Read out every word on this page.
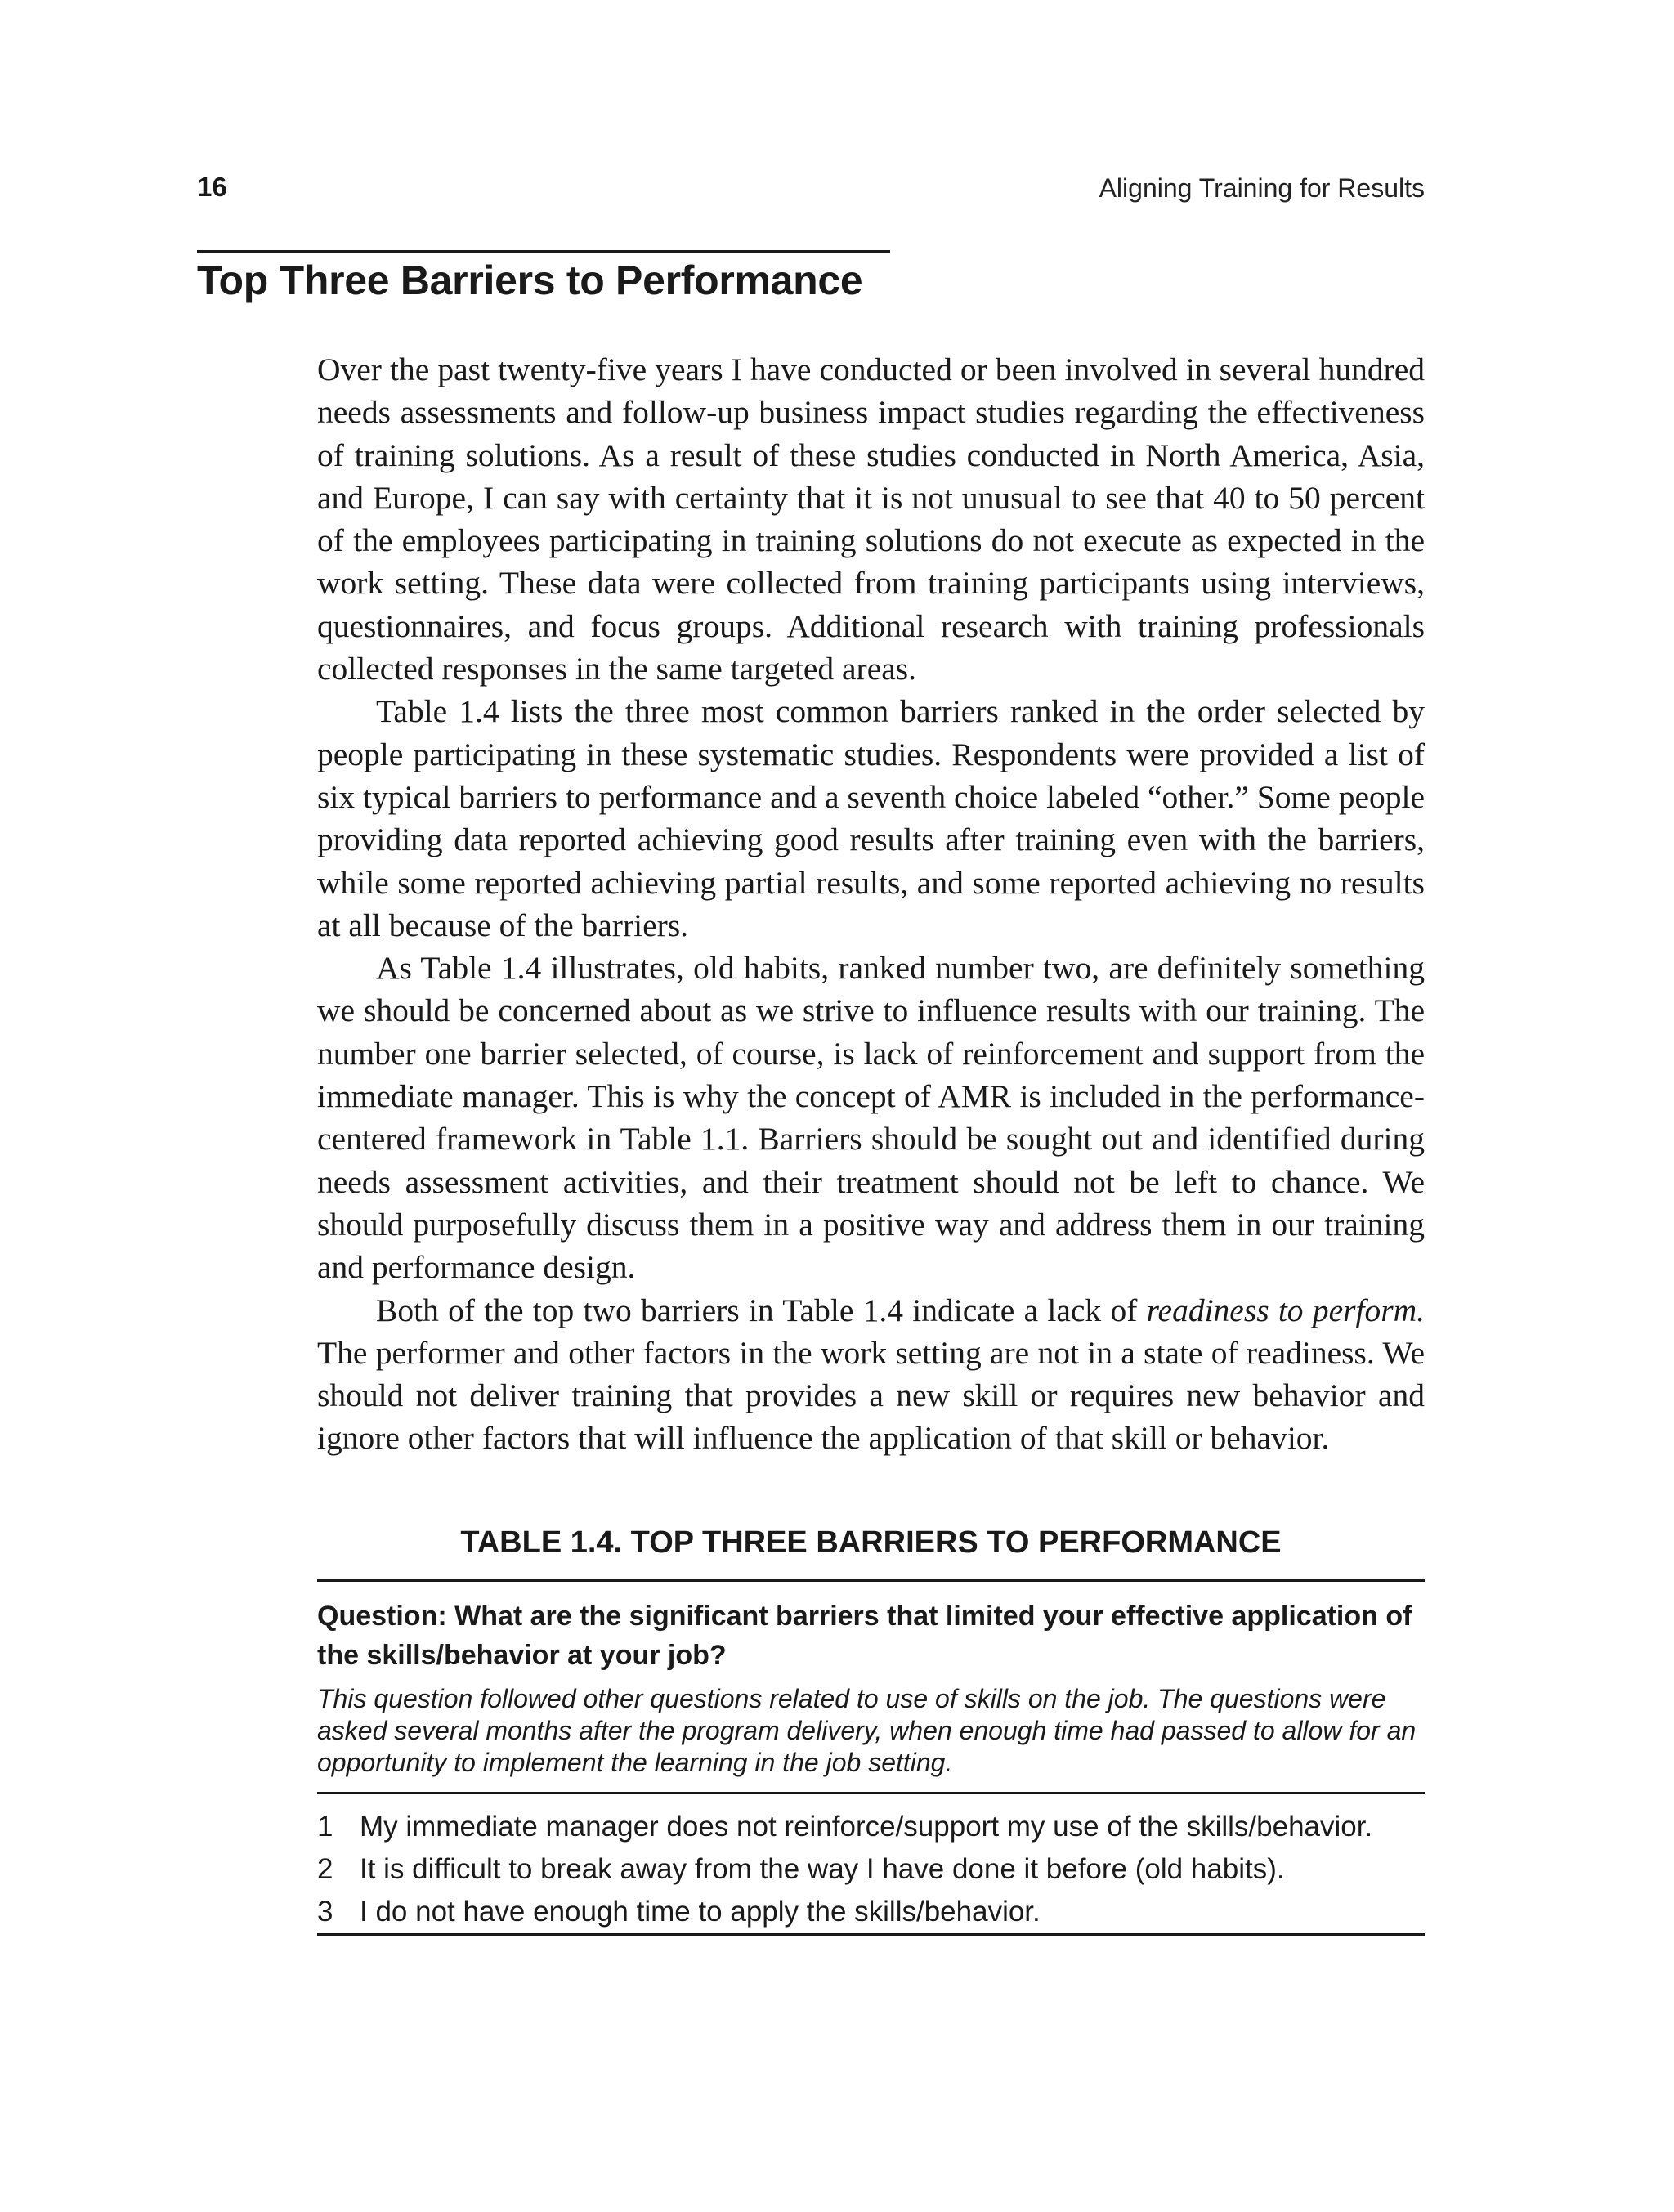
16	Aligning Training for Results
Top Three Barriers to Performance

Over the past twenty-five years I have conducted or been involved in several hundred needs assessments and follow-up business impact studies regarding the effectiveness of training solutions. As a result of these studies conducted in North America, Asia, and Europe, I can say with certainty that it is not unusual to see that 40 to 50 percent of the employees participating in training solutions do not execute as expected in the work setting. These data were collected from training participants using interviews, questionnaires, and focus groups. Additional research with training professionals collected responses in the same targeted areas.

Table 1.4 lists the three most common barriers ranked in the order selected by people participating in these systematic studies. Respondents were provided a list of six typical barriers to performance and a seventh choice labeled “other.” Some people providing data reported achieving good results after training even with the barriers, while some reported achieving partial results, and some reported achieving no results at all because of the barriers.

As Table 1.4 illustrates, old habits, ranked number two, are definitely something we should be concerned about as we strive to influence results with our training. The number one barrier selected, of course, is lack of reinforcement and support from the immediate manager. This is why the concept of AMR is included in the performance-centered framework in Table 1.1. Barriers should be sought out and identified during needs assessment activities, and their treatment should not be left to chance. We should purposefully discuss them in a positive way and address them in our training and performance design.

Both of the top two barriers in Table 1.4 indicate a lack of readiness to perform. The performer and other factors in the work setting are not in a state of readiness. We should not deliver training that provides a new skill or requires new behavior and ignore other factors that will influence the application of that skill or behavior.

TABLE 1.4. TOP THREE BARRIERS TO PERFORMANCE
Question: What are the significant barriers that limited your effective application of the skills/behavior at your job?
This question followed other questions related to use of skills on the job. The questions were asked several months after the program delivery, when enough time had passed to allow for an opportunity to implement the learning in the job setting.
1 My immediate manager does not reinforce/support my use of the skills/behavior.
2 It is difficult to break away from the way I have done it before (old habits).
3 I do not have enough time to apply the skills/behavior.
